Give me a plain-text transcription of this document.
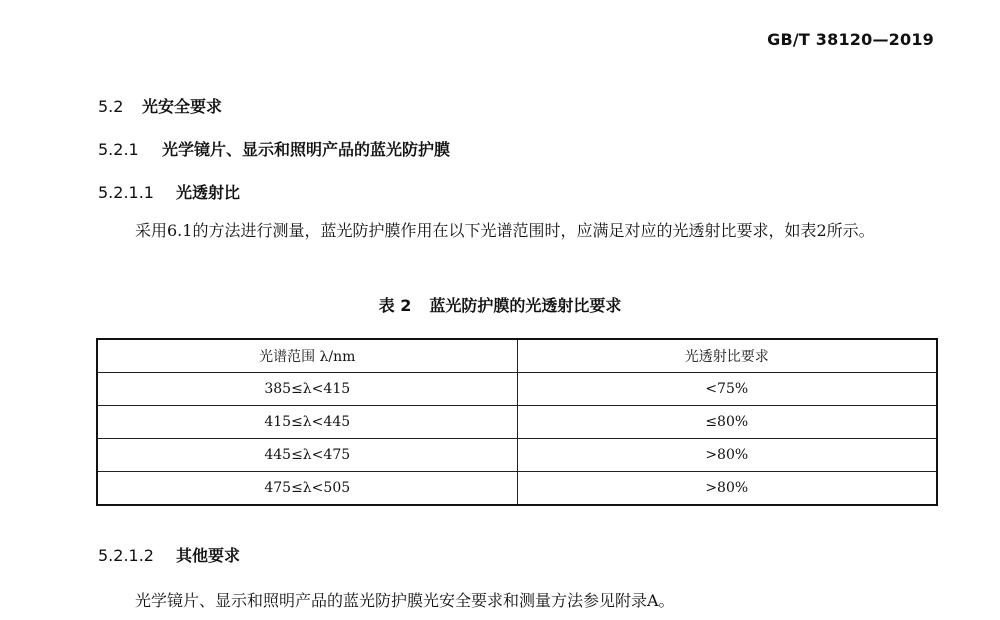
GB/T 38120—2019
5.2 光安全要求
5.2.1 光学镜片、显示和照明产品的蓝光防护膜
5.2.1.1 光透射比
采用6.1的方法进行测量，蓝光防护膜作用在以下光谱范围时，应满足对应的光透射比要求，如表2所示。
表 2 蓝光防护膜的光透射比要求
光谱范围 λ/nm	光透射比要求
385≤λ<415	<75%
415≤λ<445	≤80%
445≤λ<475	>80%
475≤λ<505	>80%
5.2.1.2 其他要求
光学镜片、显示和照明产品的蓝光防护膜光安全要求和测量方法参见附录A。
